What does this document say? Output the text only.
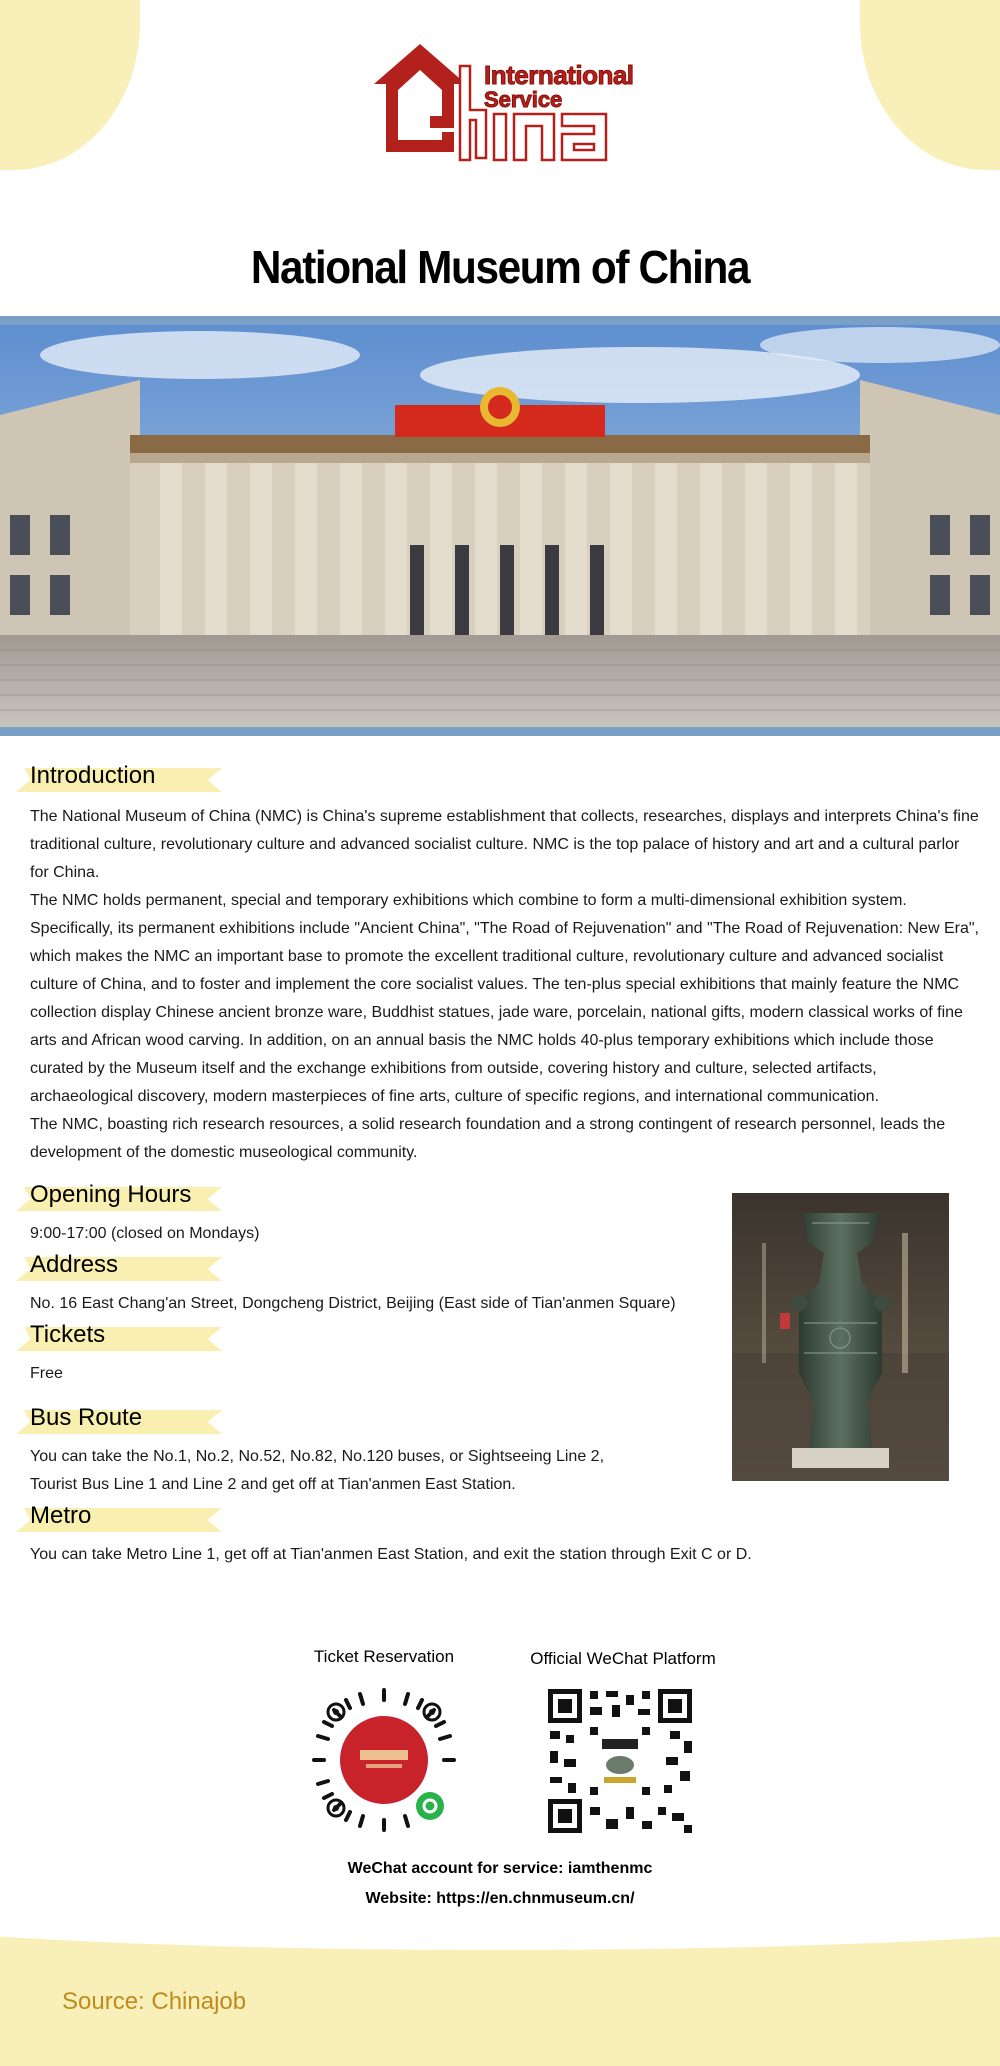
International
Service
National Museum of China
Introduction

The National Museum of China (NMC) is China's supreme establishment that collects, researches, displays and interprets China's fine traditional culture, revolutionary culture and advanced socialist culture. NMC is the top palace of history and art and a cultural parlor for China.

The NMC holds permanent, special and temporary exhibitions which combine to form a multi-dimensional exhibition system. Specifically, its permanent exhibitions include "Ancient China", "The Road of Rejuvenation" and "The Road of Rejuvenation: New Era", which makes the NMC an important base to promote the excellent traditional culture, revolutionary culture and advanced socialist culture of China, and to foster and implement the core socialist values. The ten-plus special exhibitions that mainly feature the NMC collection display Chinese ancient bronze ware, Buddhist statues, jade ware, porcelain, national gifts, modern classical works of fine arts and African wood carving. In addition, on an annual basis the NMC holds 40-plus temporary exhibitions which include those curated by the Museum itself and the exchange exhibitions from outside, covering history and culture, selected artifacts, archaeological discovery, modern masterpieces of fine arts, culture of specific regions, and international communication.

The NMC, boasting rich research resources, a solid research foundation and a strong contingent of research personnel, leads the development of the domestic museological community.

Opening Hours
9:00-17:00 (closed on Mondays)
Address
No. 16 East Chang'an Street, Dongcheng District, Beijing (East side of Tian'anmen Square)
Tickets
Free
Bus Route
You can take the No.1, No.2, No.52, No.82, No.120 buses, or Sightseeing Line 2,
Tourist Bus Line 1 and Line 2 and get off at Tian'anmen East Station.
Metro
You can take Metro Line 1, get off at Tian'anmen East Station, and exit the station through Exit C or D.
Ticket Reservation	Official WeChat Platform
WeChat account for service: iamthenmc
Website: https://en.chnmuseum.cn/
Source: Chinajob
